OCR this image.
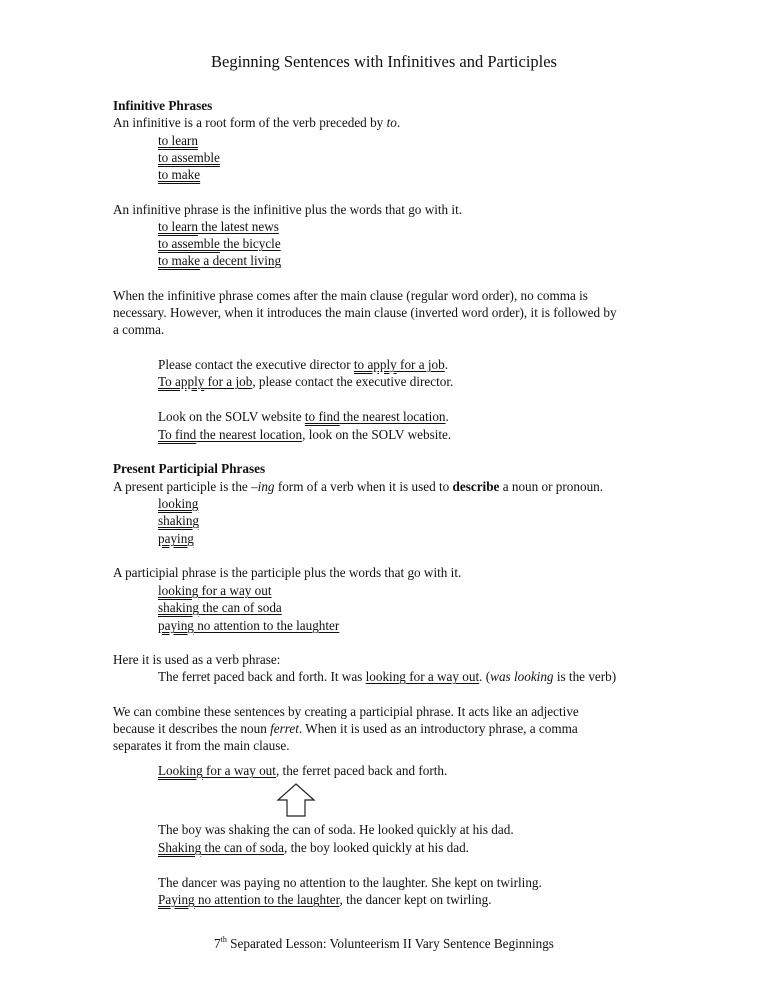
Beginning Sentences with Infinitives and Participles
Infinitive Phrases
An infinitive is a root form of the verb preceded by to.
to learn
to assemble
to make
An infinitive phrase is the infinitive plus the words that go with it.
to learn the latest news
to assemble the bicycle
to make a decent living
When the infinitive phrase comes after the main clause (regular word order), no comma is
necessary. However, when it introduces the main clause (inverted word order), it is followed by
a comma.
Please contact the executive director to apply for a job.
To apply for a job, please contact the executive director.
Look on the SOLV website to find the nearest location.
To find the nearest location, look on the SOLV website.
Present Participial Phrases
A present participle is the –ing form of a verb when it is used to describe a noun or pronoun.
looking
shaking
paying
A participial phrase is the participle plus the words that go with it.
looking for a way out
shaking the can of soda
paying no attention to the laughter
Here it is used as a verb phrase:
The ferret paced back and forth. It was looking for a way out. (was looking is the verb)
We can combine these sentences by creating a participial phrase. It acts like an adjective
because it describes the noun ferret. When it is used as an introductory phrase, a comma
separates it from the main clause.
Looking for a way out, the ferret paced back and forth.
The boy was shaking the can of soda. He looked quickly at his dad.
Shaking the can of soda, the boy looked quickly at his dad.
The dancer was paying no attention to the laughter. She kept on twirling.
Paying no attention to the laughter, the dancer kept on twirling.
7th Separated Lesson: Volunteerism II Vary Sentence Beginnings
